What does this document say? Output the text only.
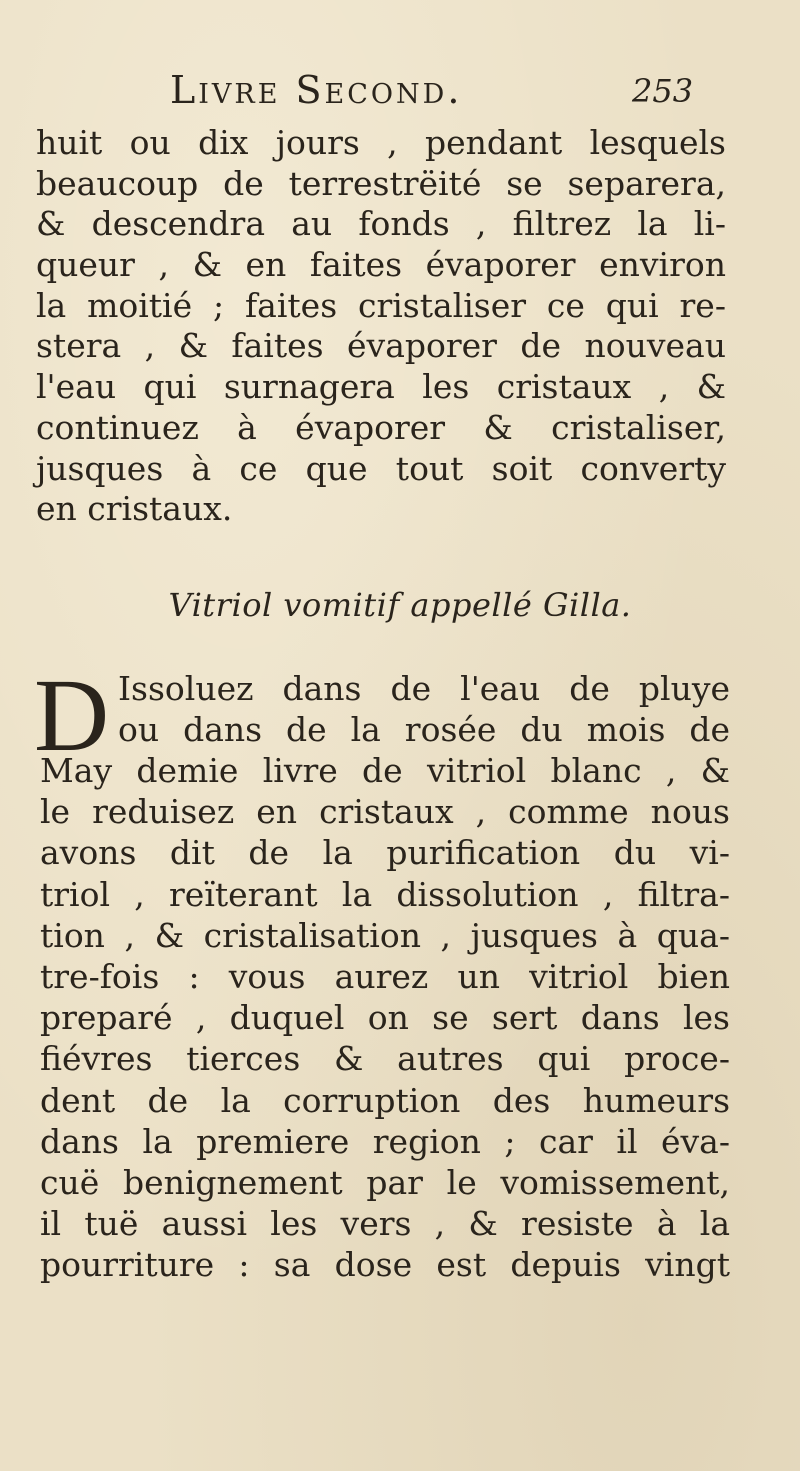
Livre Second.	253
huit ou dix jours , pendant lesquels
beaucoup de terrestrëité se separera,
& descendra au fonds , filtrez la li-
queur , & en faites évaporer environ
la moitié ; faites cristaliser ce qui re-
stera , & faites évaporer de nouveau
l'eau qui surnagera les cristaux , &
continuez à évaporer & cristaliser,
jusques à ce que tout soit converty
en cristaux.
Vitriol vomitif appellé Gilla.
D Issoluez dans de l'eau de pluye
ou dans de la rosée du mois de
May demie livre de vitriol blanc , &
le reduisez en cristaux , comme nous
avons dit de la purification du vi-
triol , reïterant la dissolution , filtra-
tion , & cristalisation , jusques à qua-
tre-fois : vous aurez un vitriol bien
preparé , duquel on se sert dans les
fiévres tierces & autres qui proce-
dent de la corruption des humeurs
dans la premiere region ; car il éva-
cuë benignement par le vomissement,
il tuë aussi les vers , & resiste à la
pourriture : sa dose est depuis vingt
